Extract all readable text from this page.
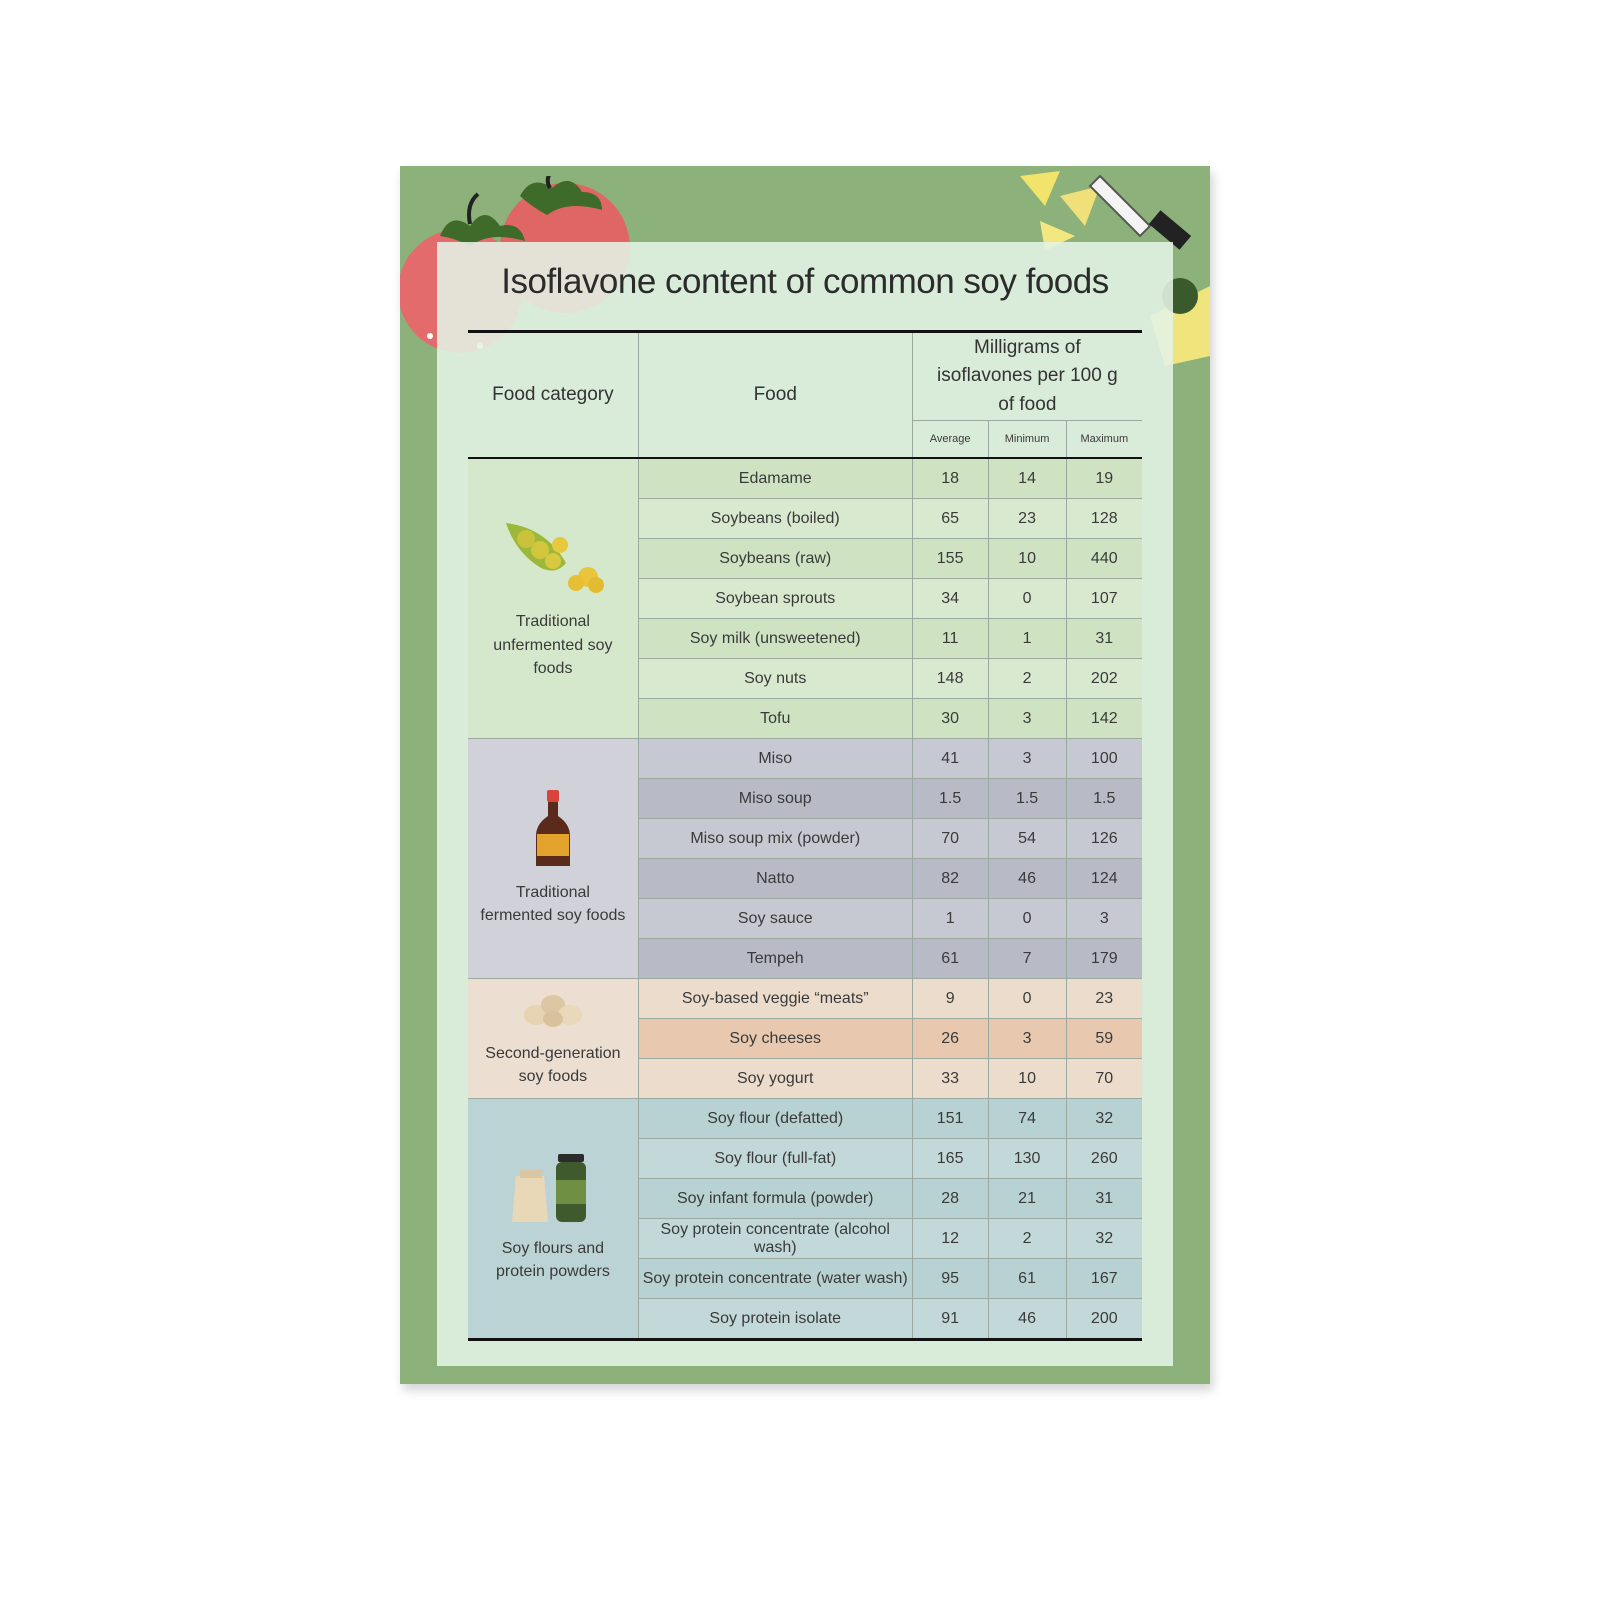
Isoflavone content of common soy foods
Food category	Food	Milligrams of isoflavones per 100 g of food		

		Average	Minimum	Maximum

Traditional unfermented soy foods	Edamame	18	14	19
	Soybeans (boiled)	65	23	128
	Soybeans (raw)	155	10	440
	Soybean sprouts	34	0	107
	Soy milk (unsweetened)	11	1	31
	Soy nuts	148	2	202
	Tofu	30	3	142

Traditional fermented soy foods	Miso	41	3	100
	Miso soup	1.5	1.5	1.5
	Miso soup mix (powder)	70	54	126
	Natto	82	46	124
	Soy sauce	1	0	3
	Tempeh	61	7	179

Second-generation soy foods	Soy-based veggie “meats”	9	0	23
	Soy cheeses	26	3	59
	Soy yogurt	33	10	70

Soy flours and protein powders	Soy flour (defatted)	151	74	32
	Soy flour (full-fat)	165	130	260
	Soy infant formula (powder)	28	21	31
	Soy protein concentrate (alcohol wash)	12	2	32
	Soy protein concentrate (water wash)	95	61	167
	Soy protein isolate	91	46	200
